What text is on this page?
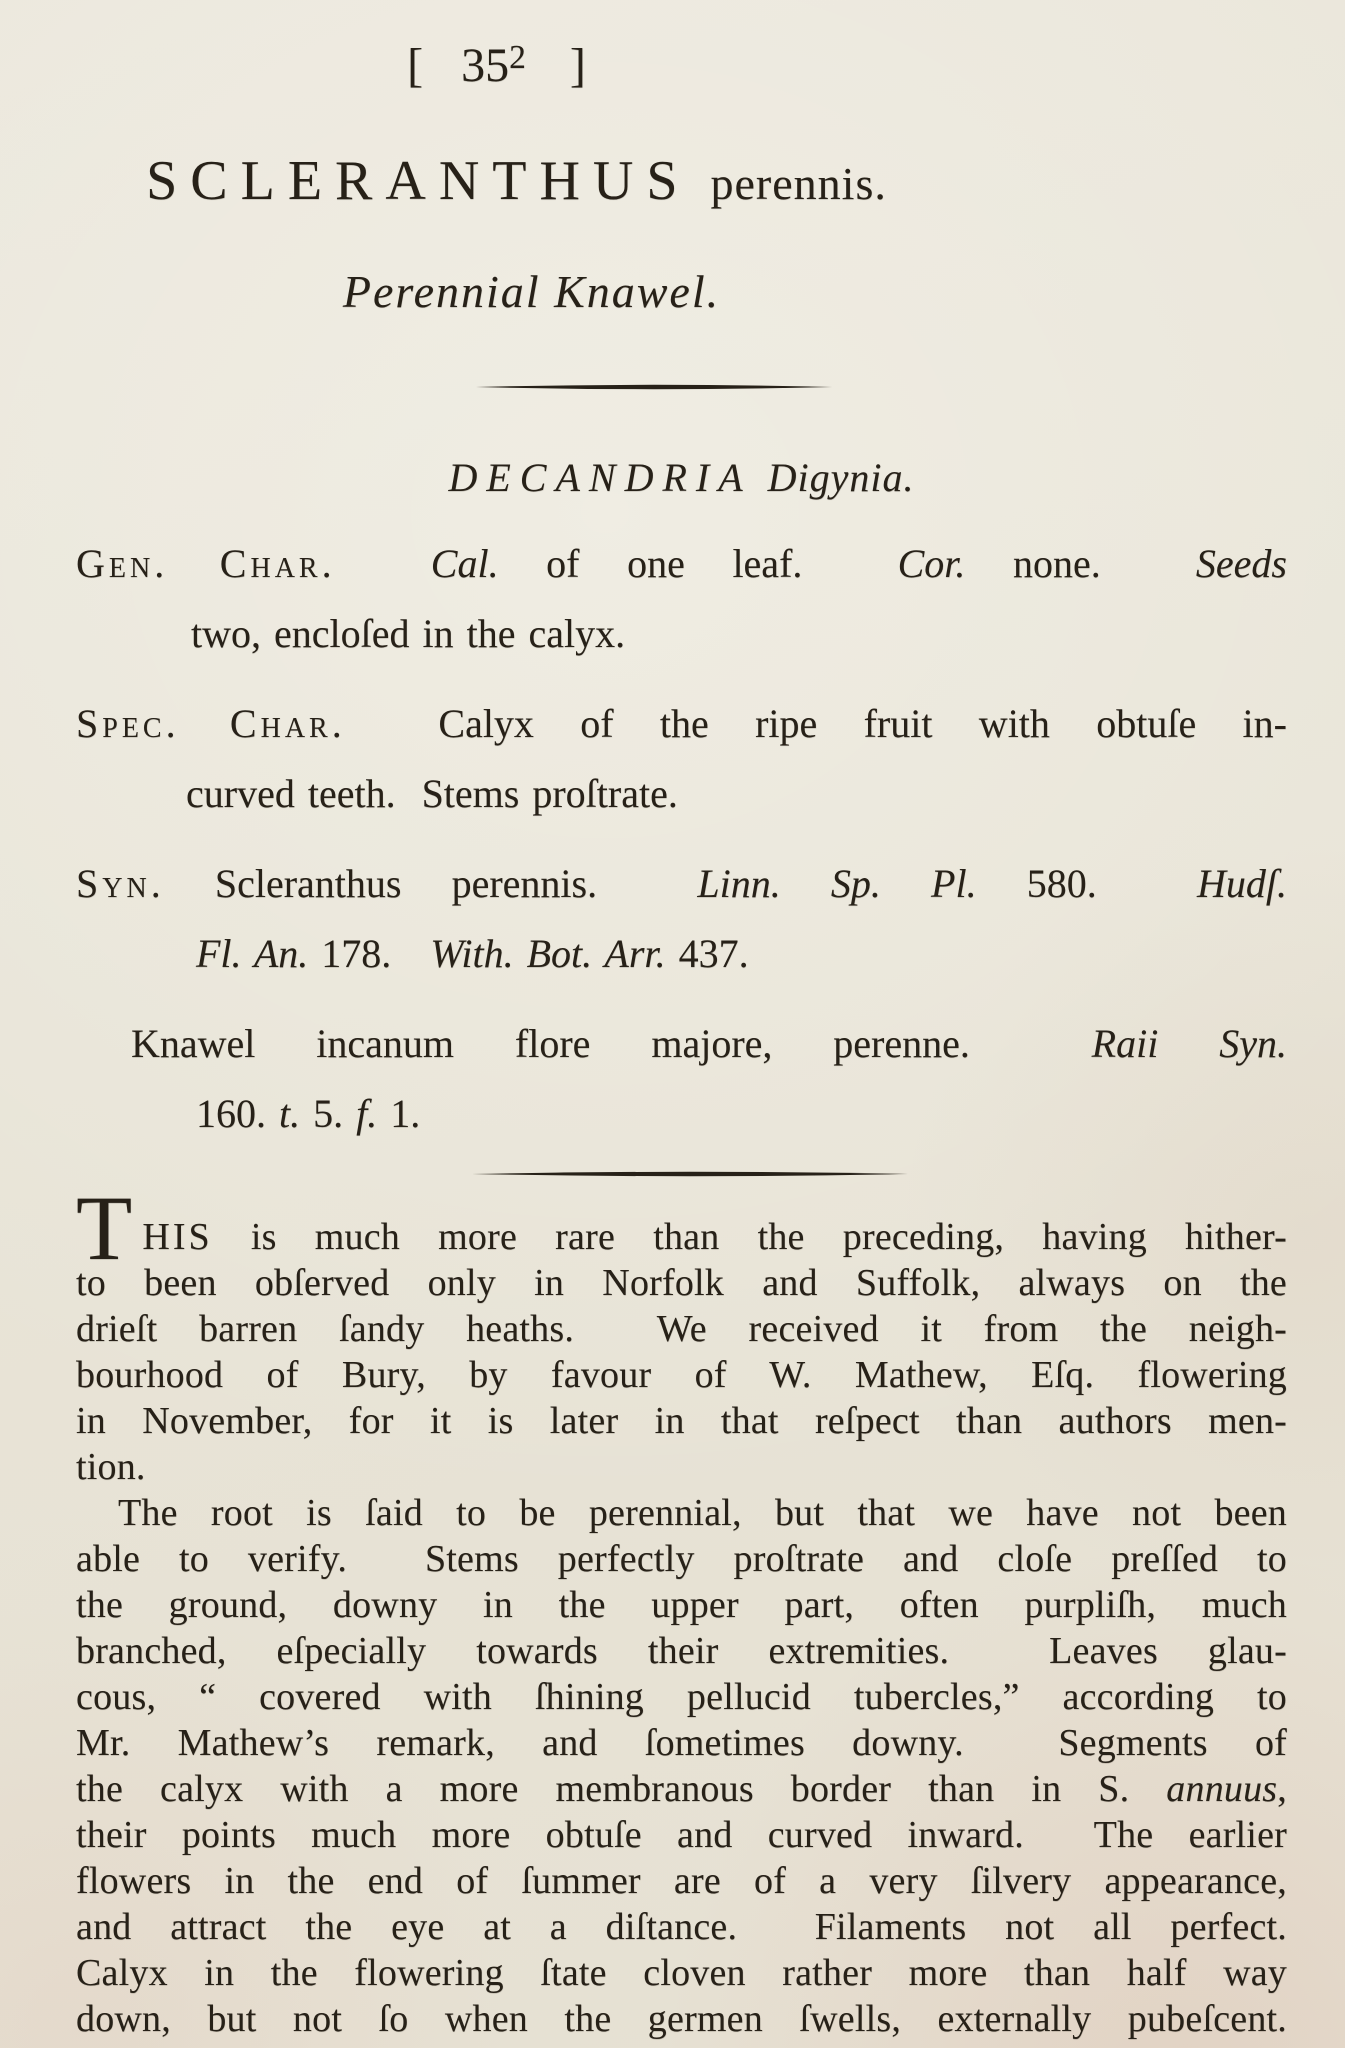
[ $35^2$ ]
SCLERANTHUS perennis.
Perennial Knawel.
DECANDRIA Digynia.
Gen. Char. Cal. of one leaf.  Cor. none.  Seeds
two, encloſed in the calyx.
Spec. Char.  Calyx of the ripe fruit with obtuſe in-
curved teeth.  Stems proſtrate.
Syn. Scleranthus perennis.  Linn. Sp. Pl. 580.  Hudſ.
Fl. An. 178.   With. Bot. Arr. 437.
Knawel incanum flore majore, perenne.  Raii Syn.
160. t. 5. f. 1.
THIS is much more rare than the preceding, having hither-
to been obſerved only in Norfolk and Suffolk, always on the
drieſt barren ſandy heaths.  We received it from the neigh-
bourhood of Bury, by favour of W. Mathew, Eſq. flowering
in November, for it is later in that reſpect than authors men-
tion.
The root is ſaid to be perennial, but that we have not been
able to verify.  Stems perfectly proſtrate and cloſe preſſed to
the ground, downy in the upper part, often purpliſh, much
branched, eſpecially towards their extremities.  Leaves glau-
cous, “ covered with ſhining pellucid tubercles,” according to
Mr. Mathew’s remark, and ſometimes downy.  Segments of
the calyx with a more membranous border than in S. annuus,
their points much more obtuſe and curved inward.  The earlier
flowers in the end of ſummer are of a very ſilvery appearance,
and attract the eye at a diſtance.  Filaments not all perfect.
Calyx in the flowering ſtate cloven rather more than half way
down, but not ſo when the germen ſwells, externally pubeſcent.
